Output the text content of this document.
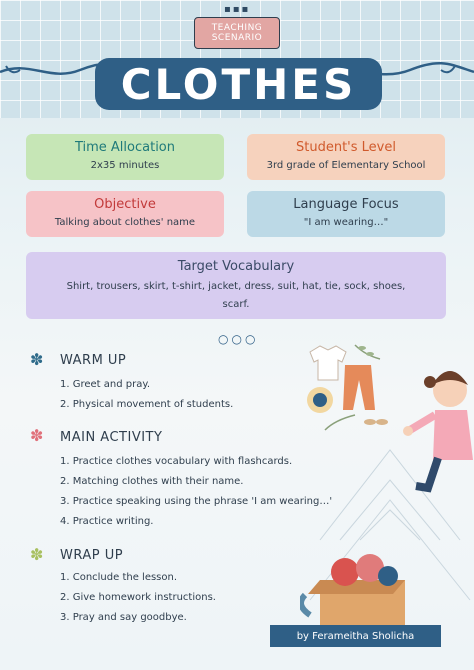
▪▪▪
TEACHING SCENARIO
CLOTHES
Time Allocation
2x35 minutes
Student's Level
3rd grade of Elementary School
Objective
Talking about clothes' name
Language Focus
"I am wearing…"
Target Vocabulary
Shirt, trousers, skirt, t-shirt, jacket, dress, suit, hat, tie, sock, shoes, scarf.
○○○
✽ WARM UP
1. Greet and pray.
2. Physical movement of students.
✽ MAIN ACTIVITY
1. Practice clothes vocabulary with flashcards.
2. Matching clothes with their name.
3. Practice speaking using the phrase 'I am wearing…'
4. Practice writing.
✽ WRAP UP
1. Conclude the lesson.
2. Give homework instructions.
3. Pray and say goodbye.
by Ferameitha Sholicha
